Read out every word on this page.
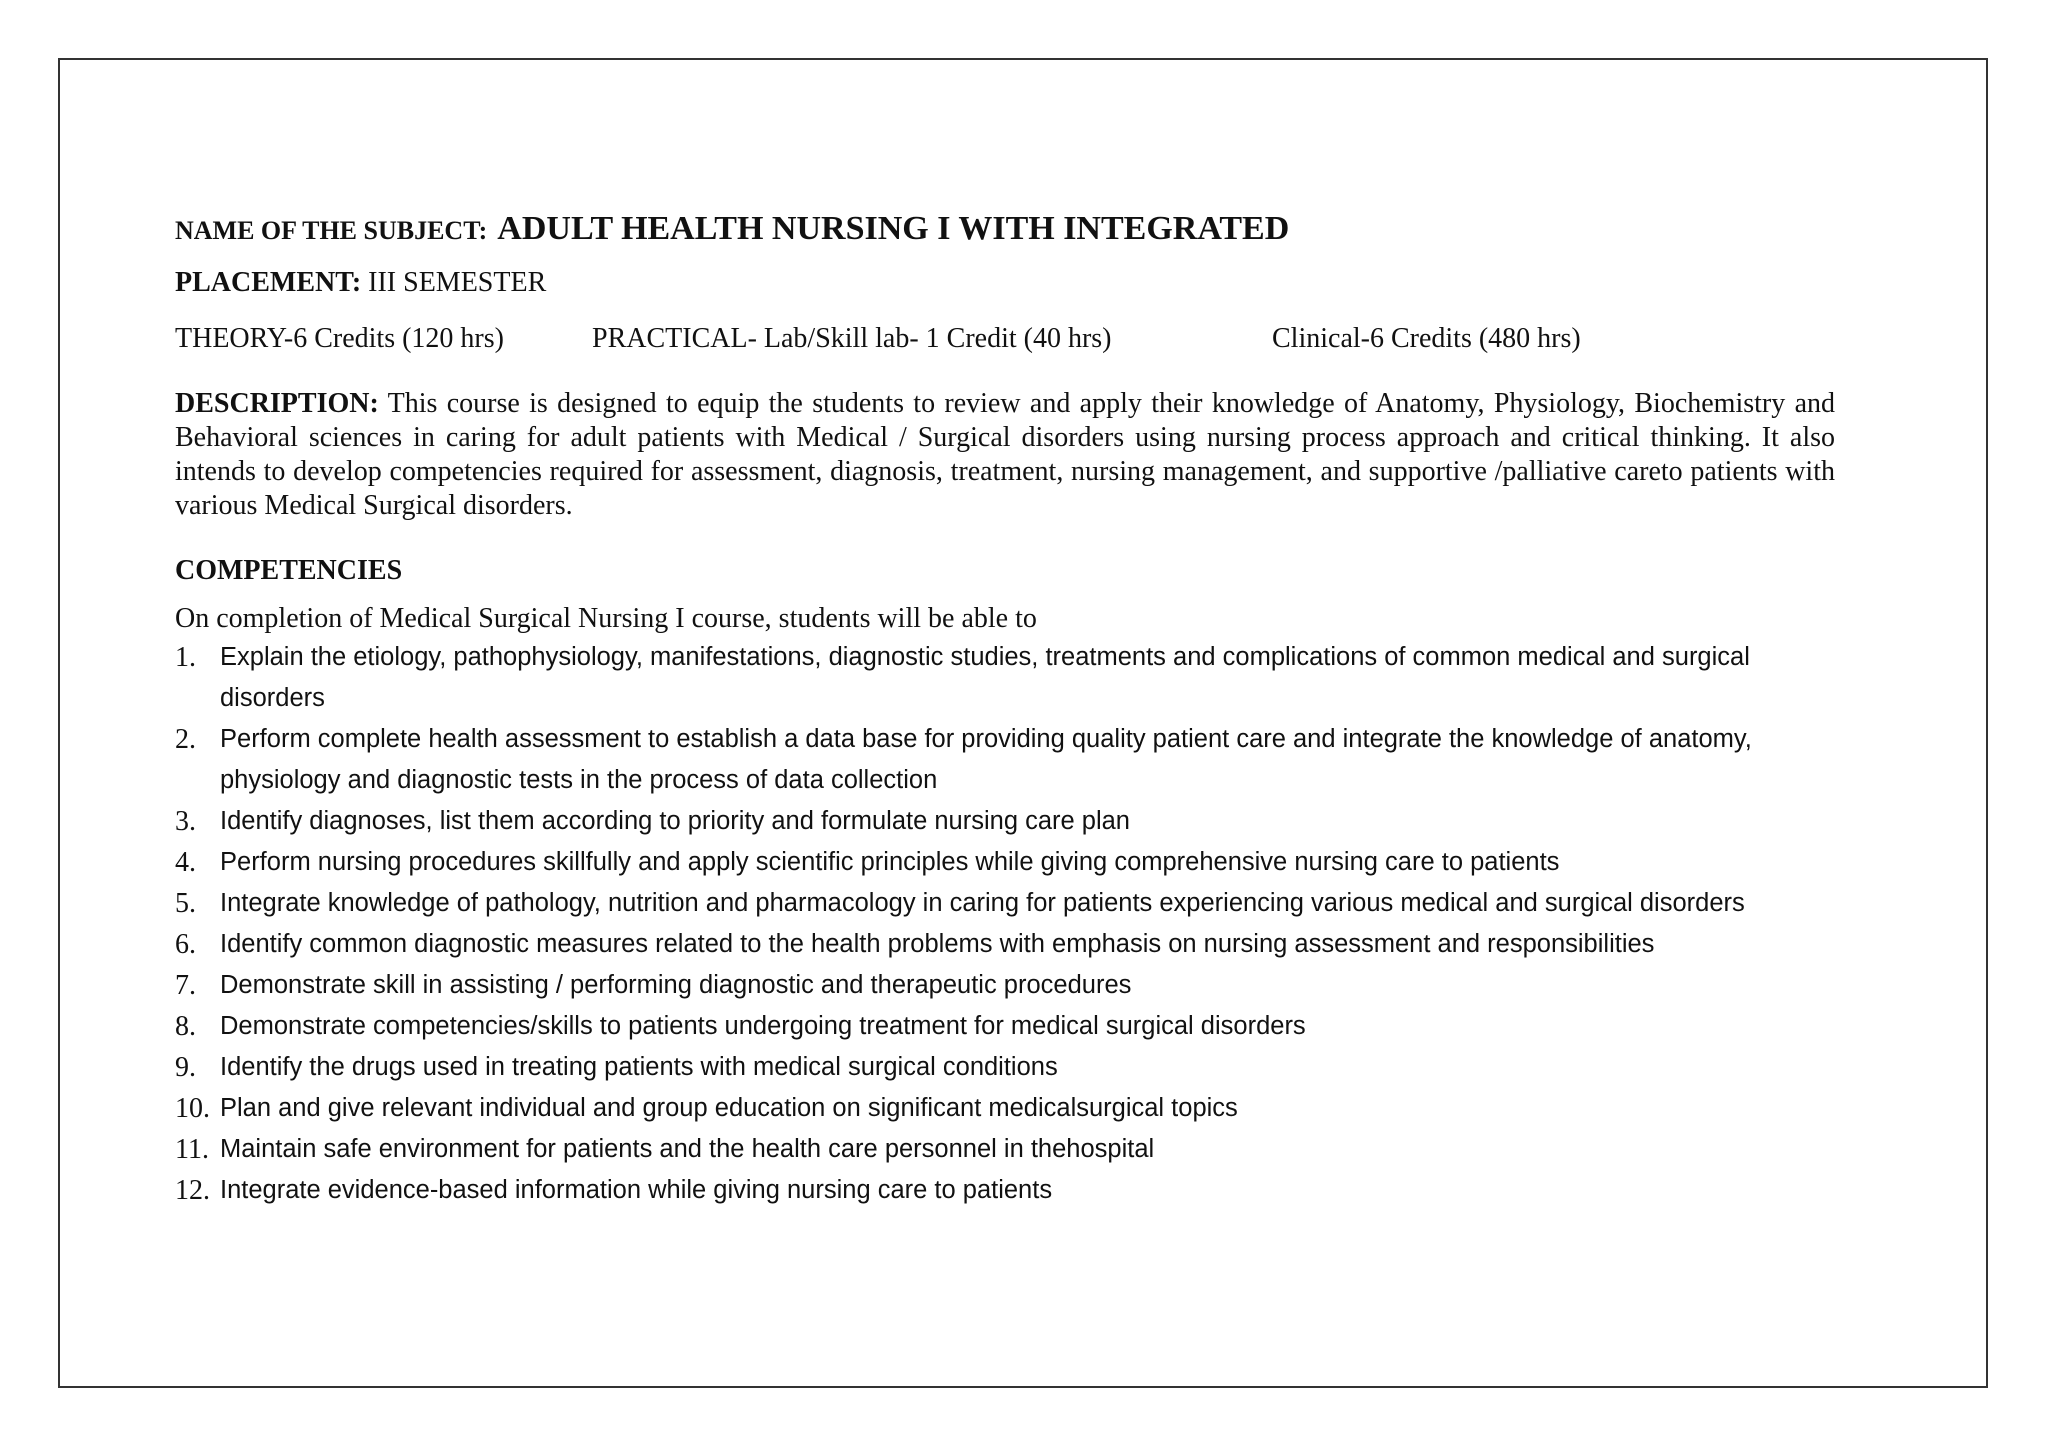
NAME OF THE SUBJECT: ADULT HEALTH NURSING I WITH INTEGRATED
PLACEMENT: III SEMESTER
THEORY-6 Credits (120 hrs)	PRACTICAL- Lab/Skill lab- 1 Credit (40 hrs)	Clinical-6 Credits (480 hrs)
DESCRIPTION: This course is designed to equip the students to review and apply their knowledge of Anatomy, Physiology, Biochemistry and Behavioral sciences in caring for adult patients with Medical / Surgical disorders using nursing process approach and critical thinking. It also intends to develop competencies required for assessment, diagnosis, treatment, nursing management, and supportive /palliative careto patients with various Medical Surgical disorders.
COMPETENCIES
On completion of Medical Surgical Nursing I course, students will be able to
1. Explain the etiology, pathophysiology, manifestations, diagnostic studies, treatments and complications of common medical and surgical disorders
2. Perform complete health assessment to establish a data base for providing quality patient care and integrate the knowledge of anatomy, physiology and diagnostic tests in the process of data collection
3. Identify diagnoses, list them according to priority and formulate nursing care plan
4. Perform nursing procedures skillfully and apply scientific principles while giving comprehensive nursing care to patients
5. Integrate knowledge of pathology, nutrition and pharmacology in caring for patients experiencing various medical and surgical disorders
6. Identify common diagnostic measures related to the health problems with emphasis on nursing assessment and responsibilities
7. Demonstrate skill in assisting / performing diagnostic and therapeutic procedures
8. Demonstrate competencies/skills to patients undergoing treatment for medical surgical disorders
9. Identify the drugs used in treating patients with medical surgical conditions
10. Plan and give relevant individual and group education on significant medicalsurgical topics
11. Maintain safe environment for patients and the health care personnel in thehospital
12. Integrate evidence-based information while giving nursing care to patients
